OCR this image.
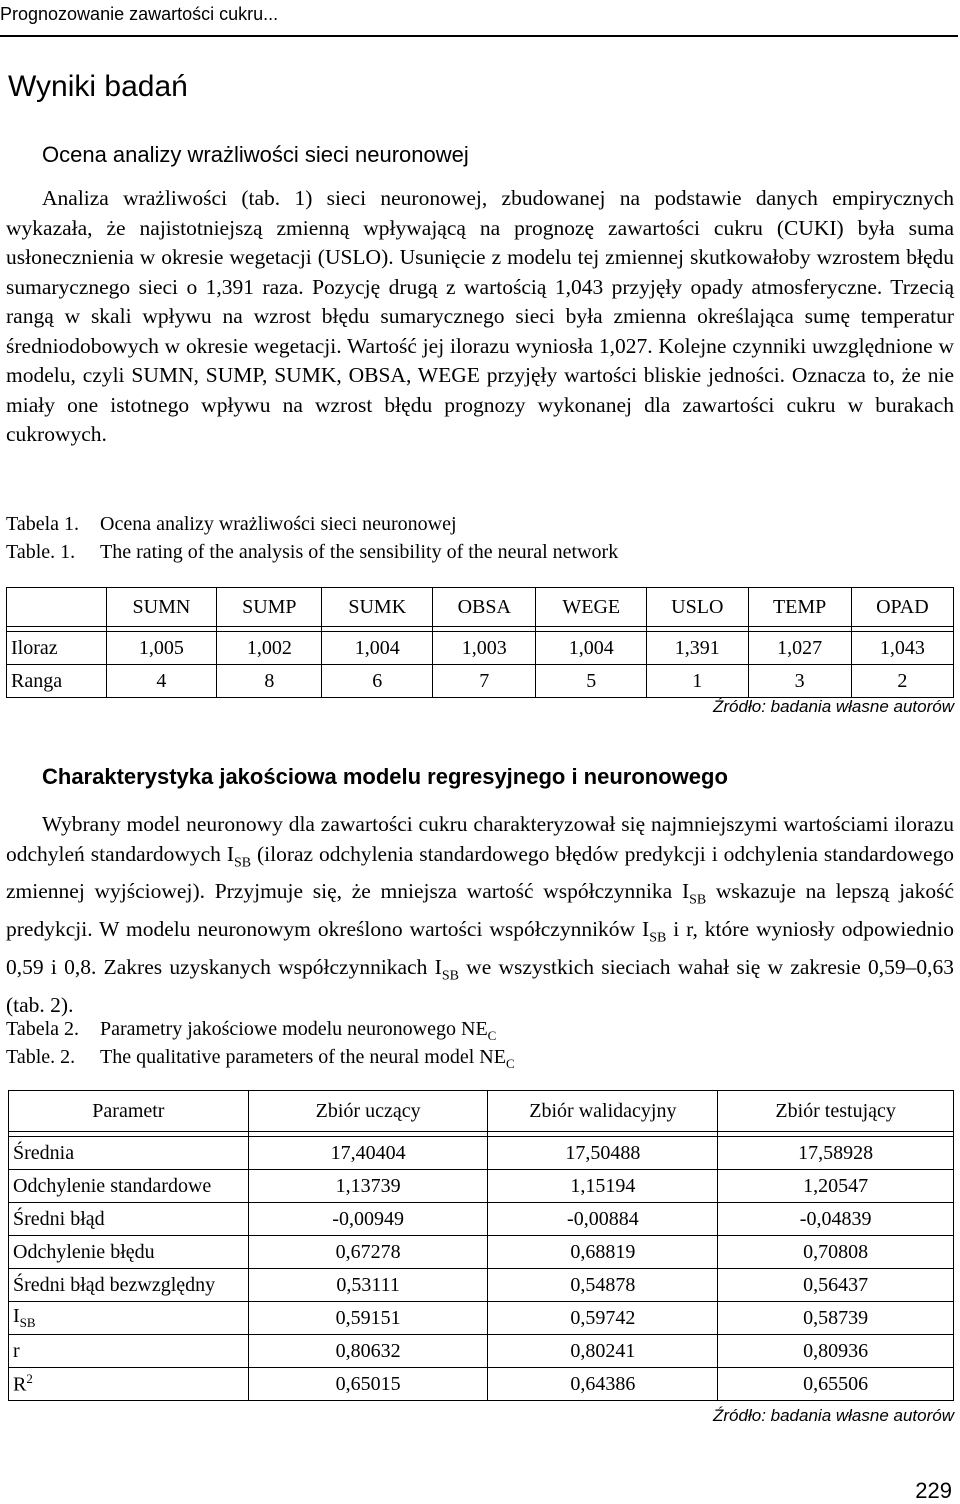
Prognozowanie zawartości cukru...
Wyniki badań
Ocena analizy wrażliwości sieci neuronowej

Analiza wrażliwości (tab. 1) sieci neuronowej, zbudowanej na podstawie danych empirycznych wykazała, że najistotniejszą zmienną wpływającą na prognozę zawartości cukru (CUKI) była suma usłonecznienia w okresie wegetacji (USLO). Usunięcie z modelu tej zmiennej skutkowałoby wzrostem błędu sumarycznego sieci o 1,391 raza. Pozycję drugą z wartością 1,043 przyjęły opady atmosferyczne. Trzecią rangą w skali wpływu na wzrost błędu sumarycznego sieci była zmienna określająca sumę temperatur średniodobowych w okresie wegetacji. Wartość jej ilorazu wyniosła 1,027. Kolejne czynniki uwzględnione w modelu, czyli SUMN, SUMP, SUMK, OBSA, WEGE przyjęły wartości bliskie jedności. Oznacza to, że nie miały one istotnego wpływu na wzrost błędu prognozy wykonanej dla zawartości cukru w burakach cukrowych.

Tabela 1. Ocena analizy wrażliwości sieci neuronowej
Table. 1. The rating of the analysis of the sensibility of the neural network
	SUMN	SUMP	SUMK	OBSA	WEGE	USLO	TEMP	OPAD

Iloraz	1,005	1,002	1,004	1,003	1,004	1,391	1,027	1,043
Ranga	4	8	6	7	5	1	3	2
Źródło: badania własne autorów
Charakterystyka jakościowa modelu regresyjnego i neuronowego

Wybrany model neuronowy dla zawartości cukru charakteryzował się najmniejszymi wartościami ilorazu odchyleń standardowych $I_{SB}$ (iloraz odchylenia standardowego błędów predykcji i odchylenia standardowego zmiennej wyjściowej). Przyjmuje się, że mniejsza wartość współczynnika $I_{SB}$ wskazuje na lepszą jakość predykcji. W modelu neuronowym określono wartości współczynników $I_{SB}$ i r, które wyniosły odpowiednio 0,59 i 0,8. Zakres uzyskanych współczynnikach $I_{SB}$ we wszystkich sieciach wahał się w zakresie 0,59–0,63 (tab. 2).

Tabela 2. Parametry jakościowe modelu neuronowego $NE_C$
Table. 2. The qualitative parameters of the neural model $NE_C$
Parametr	Zbiór uczący	Zbiór walidacyjny	Zbiór testujący

Średnia	17,40404	17,50488	17,58928
Odchylenie standardowe	1,13739	1,15194	1,20547
Średni błąd	-0,00949	-0,00884	-0,04839
Odchylenie błędu	0,67278	0,68819	0,70808
Średni błąd bezwzględny	0,53111	0,54878	0,56437
$I_{SB}$	0,59151	0,59742	0,58739
r	0,80632	0,80241	0,80936
$R^2$	0,65015	0,64386	0,65506
Źródło: badania własne autorów
229
